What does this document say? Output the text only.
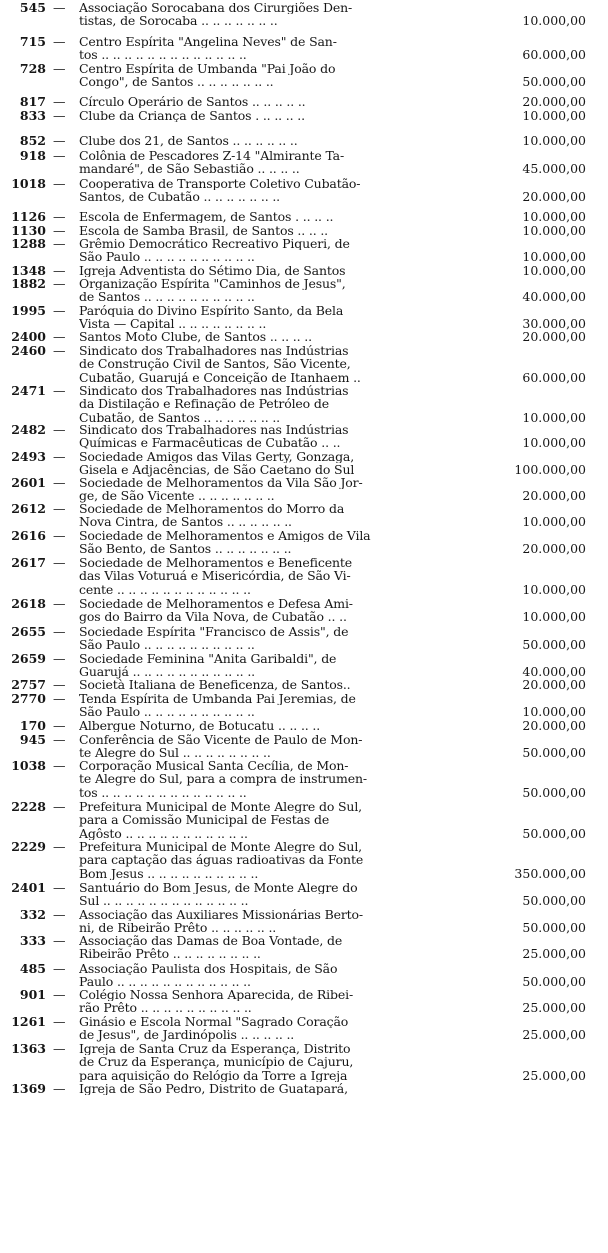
545 — Associação Sorocabana dos Cirurgiões Den-
tistas, de Sorocaba .. .. .. .. .. .. ..	10.000,00
715 — Centro Espírita "Angelina Neves" de San-
tos .. .. .. .. .. .. .. .. .. .. .. .. ..	60.000,00
728 — Centro Espírita de Umbanda "Pai João do
Congo", de Santos .. .. .. .. .. .. ..	50.000,00
817 — Círculo Operário de Santos .. .. .. .. ..	20.000,00
833 — Clube da Criança de Santos . .. .. .. ..	10.000,00
852 — Clube dos 21, de Santos .. .. .. .. .. ..	10.000,00
918 — Colônia de Pescadores Z-14 "Almirante Ta-
mandaré", de São Sebastião .. .. .. ..	45.000,00
1018 — Cooperativa de Transporte Coletivo Cubatão-
Santos, de Cubatão .. .. .. .. .. .. ..	20.000,00
1126 — Escola de Enfermagem, de Santos . .. .. ..	10.000,00
1130 — Escola de Samba Brasil, de Santos .. .. ..	10.000,00
1288 — Grêmio Democrático Recreativo Piqueri, de
São Paulo .. .. .. .. .. .. .. .. .. ..	10.000,00
1348 — Igreja Adventista do Sétimo Dia, de Santos	10.000,00
1882 — Organização Espírita "Caminhos de Jesus",
de Santos .. .. .. .. .. .. .. .. .. ..	40.000,00
1995 — Paróquia do Divino Espírito Santo, da Bela
Vista — Capital .. .. .. .. .. .. .. ..	30.000,00
2400 — Santos Moto Clube, de Santos .. .. .. ..	20.000,00
2460 — Sindicato dos Trabalhadores nas Indústrias
de Construção Civil de Santos, São Vicente,
Cubatão, Guarujá e Conceição de Itanhaem ..	60.000,00
2471 — Sindicato dos Trabalhadores nas Indústrias
da Distilação e Refinação de Petróleo de
Cubatão, de Santos .. .. .. .. .. .. ..	10.000,00
2482 — Sindicato dos Trabalhadores nas Indústrias
Químicas e Farmacêuticas de Cubatão .. ..	10.000,00
2493 — Sociedade Amigos das Vilas Gerty, Gonzaga,
Gisela e Adjacências, de São Caetano do Sul	100.000,00
2601 — Sociedade de Melhoramentos da Vila São Jor-
ge, de São Vicente .. .. .. .. .. .. ..	20.000,00
2612 — Sociedade de Melhoramentos do Morro da
Nova Cintra, de Santos .. .. .. .. .. ..	10.000,00
2616 — Sociedade de Melhoramentos e Amigos de Vila
São Bento, de Santos .. .. .. .. .. .. ..	20.000,00
2617 — Sociedade de Melhoramentos e Beneficente
das Vilas Voturuá e Misericórdia, de São Vi-
cente .. .. .. .. .. .. .. .. .. .. .. ..	10.000,00
2618 — Sociedade de Melhoramentos e Defesa Ami-
gos do Bairro da Vila Nova, de Cubatão .. ..	10.000,00
2655 — Sociedade Espírita "Francisco de Assis", de
São Paulo .. .. .. .. .. .. .. .. .. ..	50.000,00
2659 — Sociedade Feminina "Anita Garibaldi", de
Guarujá .. .. .. .. .. .. .. .. .. .. ..	40.000,00
2757 — Società Italiana de Beneficenza, de Santos..	20.000,00
2770 — Tenda Espírita de Umbanda Pai Jeremias, de
São Paulo .. .. .. .. .. .. .. .. .. ..	10.000,00
170 — Albergue Noturno, de Botucatu .. .. .. ..	20.000,00
945 — Conferência de São Vicente de Paulo de Mon-
te Alegre do Sul .. .. .. .. .. .. .. ..	50.000,00
1038 — Corporação Musical Santa Cecília, de Mon-
te Alegre do Sul, para a compra de instrumen-
tos .. .. .. .. .. .. .. .. .. .. .. .. ..	50.000,00
2228 — Prefeitura Municipal de Monte Alegre do Sul,
para a Comissão Municipal de Festas de
Agôsto .. .. .. .. .. .. .. .. .. .. ..	50.000,00
2229 — Prefeitura Municipal de Monte Alegre do Sul,
para captação das águas radioativas da Fonte
Bom Jesus .. .. .. .. .. .. .. .. .. ..	350.000,00
2401 — Santuário do Bom Jesus, de Monte Alegre do
Sul .. .. .. .. .. .. .. .. .. .. .. .. ..	50.000,00
332 — Associação das Auxiliares Missionárias Berto-
ni, de Ribeirão Prêto .. .. .. .. .. ..	50.000,00
333 — Associação das Damas de Boa Vontade, de
Ribeirão Prêto .. .. .. .. .. .. .. ..	25.000,00
485 — Associação Paulista dos Hospitais, de São
Paulo .. .. .. .. .. .. .. .. .. .. .. ..	50.000,00
901 — Colégio Nossa Senhora Aparecida, de Ribei-
rão Prêto .. .. .. .. .. .. .. .. .. ..	25.000,00
1261 — Ginásio e Escola Normal "Sagrado Coração
de Jesus", de Jardinópolis .. .. .. .. ..	25.000,00
1363 — Igreja de Santa Cruz da Esperança, Distrito
de Cruz da Esperança, município de Cajuru,
para aquisição do Relógio da Torre a Igreja	25.000,00
1369 — Igreja de São Pedro, Distrito de Guatapará,
